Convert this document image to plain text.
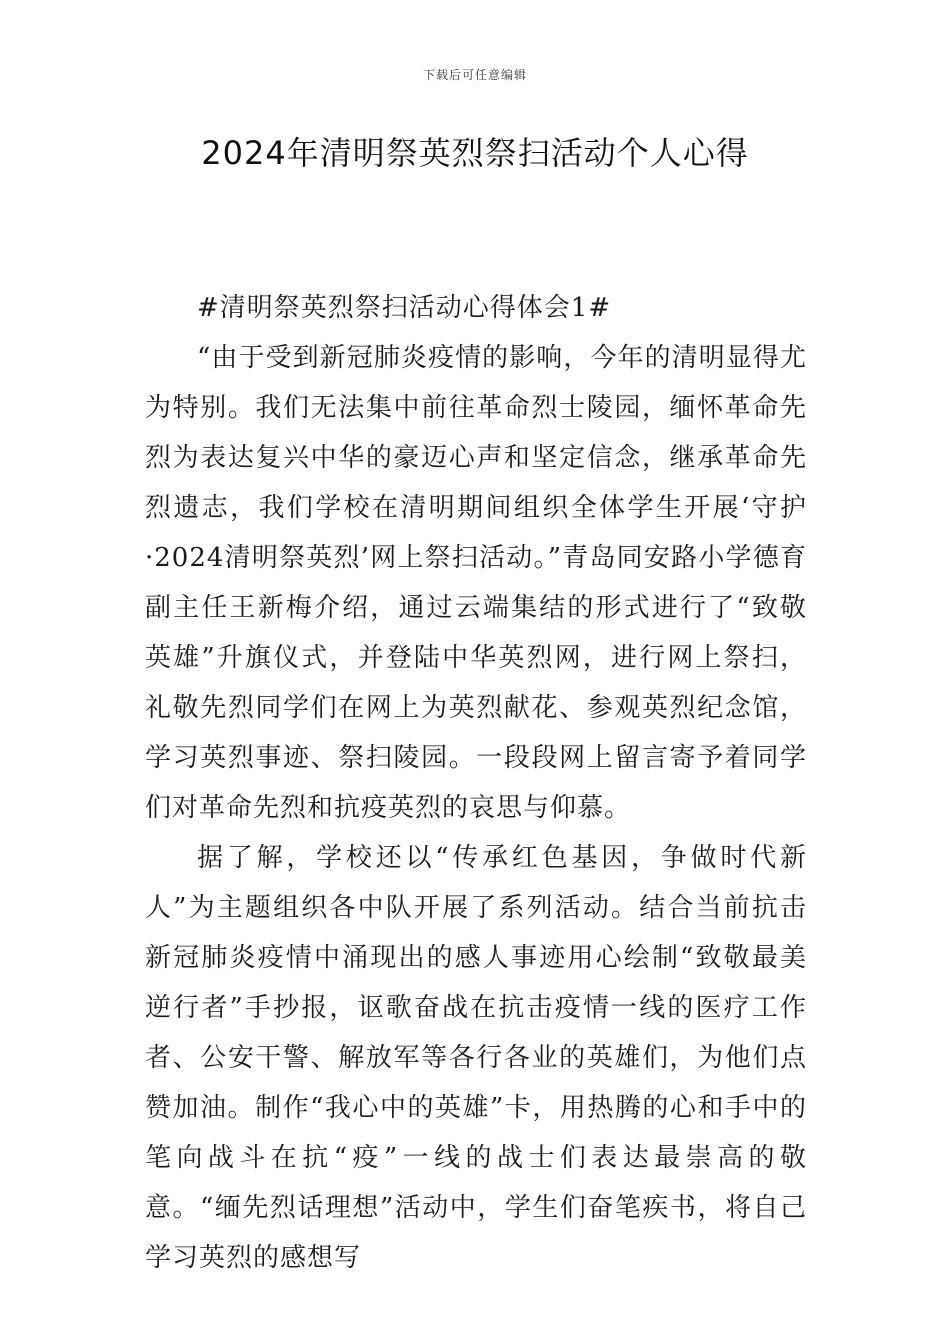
下载后可任意编辑
2024年清明祭英烈祭扫活动个人心得

#清明祭英烈祭扫活动心得体会1#

“由于受到新冠肺炎疫情的影响，今年的清明显得尤为特别。我们无法集中前往革命烈士陵园，缅怀革命先烈为表达复兴中华的豪迈心声和坚定信念，继承革命先烈遗志，我们学校在清明期间组织全体学生开展‘守护·2024清明祭英烈’网上祭扫活动。”青岛同安路小学德育副主任王新梅介绍，通过云端集结的形式进行了“致敬英雄”升旗仪式，并登陆中华英烈网，进行网上祭扫，礼敬先烈同学们在网上为英烈献花、参观英烈纪念馆，学习英烈事迹、祭扫陵园。一段段网上留言寄予着同学们对革命先烈和抗疫英烈的哀思与仰慕。

据了解，学校还以“传承红色基因，争做时代新人”为主题组织各中队开展了系列活动。结合当前抗击新冠肺炎疫情中涌现出的感人事迹用心绘制“致敬最美逆行者”手抄报，讴歌奋战在抗击疫情一线的医疗工作者、公安干警、解放军等各行各业的英雄们，为他们点赞加油。制作“我心中的英雄”卡，用热腾的心和手中的笔向战斗在抗“疫”一线的战士们表达最崇高的敬意。“缅先烈话理想”活动中，学生们奋笔疾书，将自己学习英烈的感想写
